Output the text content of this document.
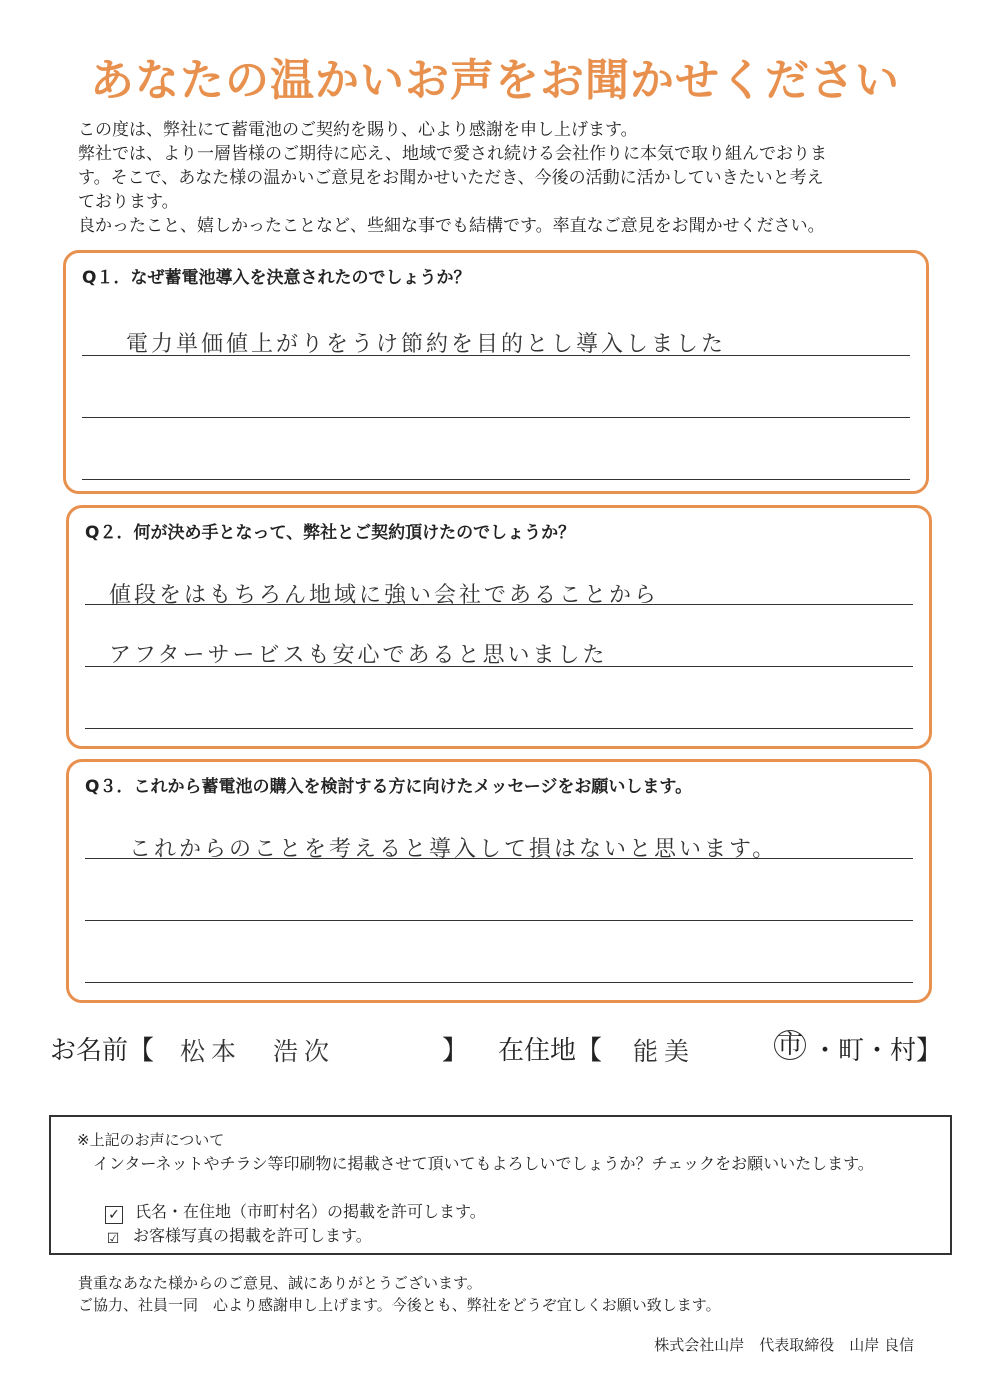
あなたの温かいお声をお聞かせください

この度は、弊社にて蓄電池のご契約を賜り、心より感謝を申し上げます。

弊社では、より一層皆様のご期待に応え、地域で愛され続ける会社作りに本気で取り組んでおりま

す。そこで、あなた様の温かいご意見をお聞かせいただき、今後の活動に活かしていきたいと考え

ております。

良かったこと、嬉しかったことなど、些細な事でも結構です。率直なご意見をお聞かせください。

Q１．なぜ蓄電池導入を決意されたのでしょうか？
電力単価値上がりをうけ節約を目的とし導入しました
Q２．何が決め手となって、弊社とご契約頂けたのでしょうか？
値段をはもちろん地域に強い会社であることから
アフターサービスも安心であると思いました
Q３．これから蓄電池の購入を検討する方に向けたメッセージをお願いします。
これからのことを考えると導入して損はないと思います。
お名前【 松本　浩次	】 在住地【 能美	市 ・町・村】
※上記のお声について
インターネットやチラシ等印刷物に掲載させて頂いてもよろしいでしょうか？チェックをお願いいたします。
✓ 氏名・在住地（市町村名）の掲載を許可します。
☑ お客様写真の掲載を許可します。

貴重なあなた様からのご意見、誠にありがとうございます。

ご協力、社員一同　心より感謝申し上げます。今後とも、弊社をどうぞ宜しくお願い致します。

株式会社山岸　代表取締役　山岸 良信
